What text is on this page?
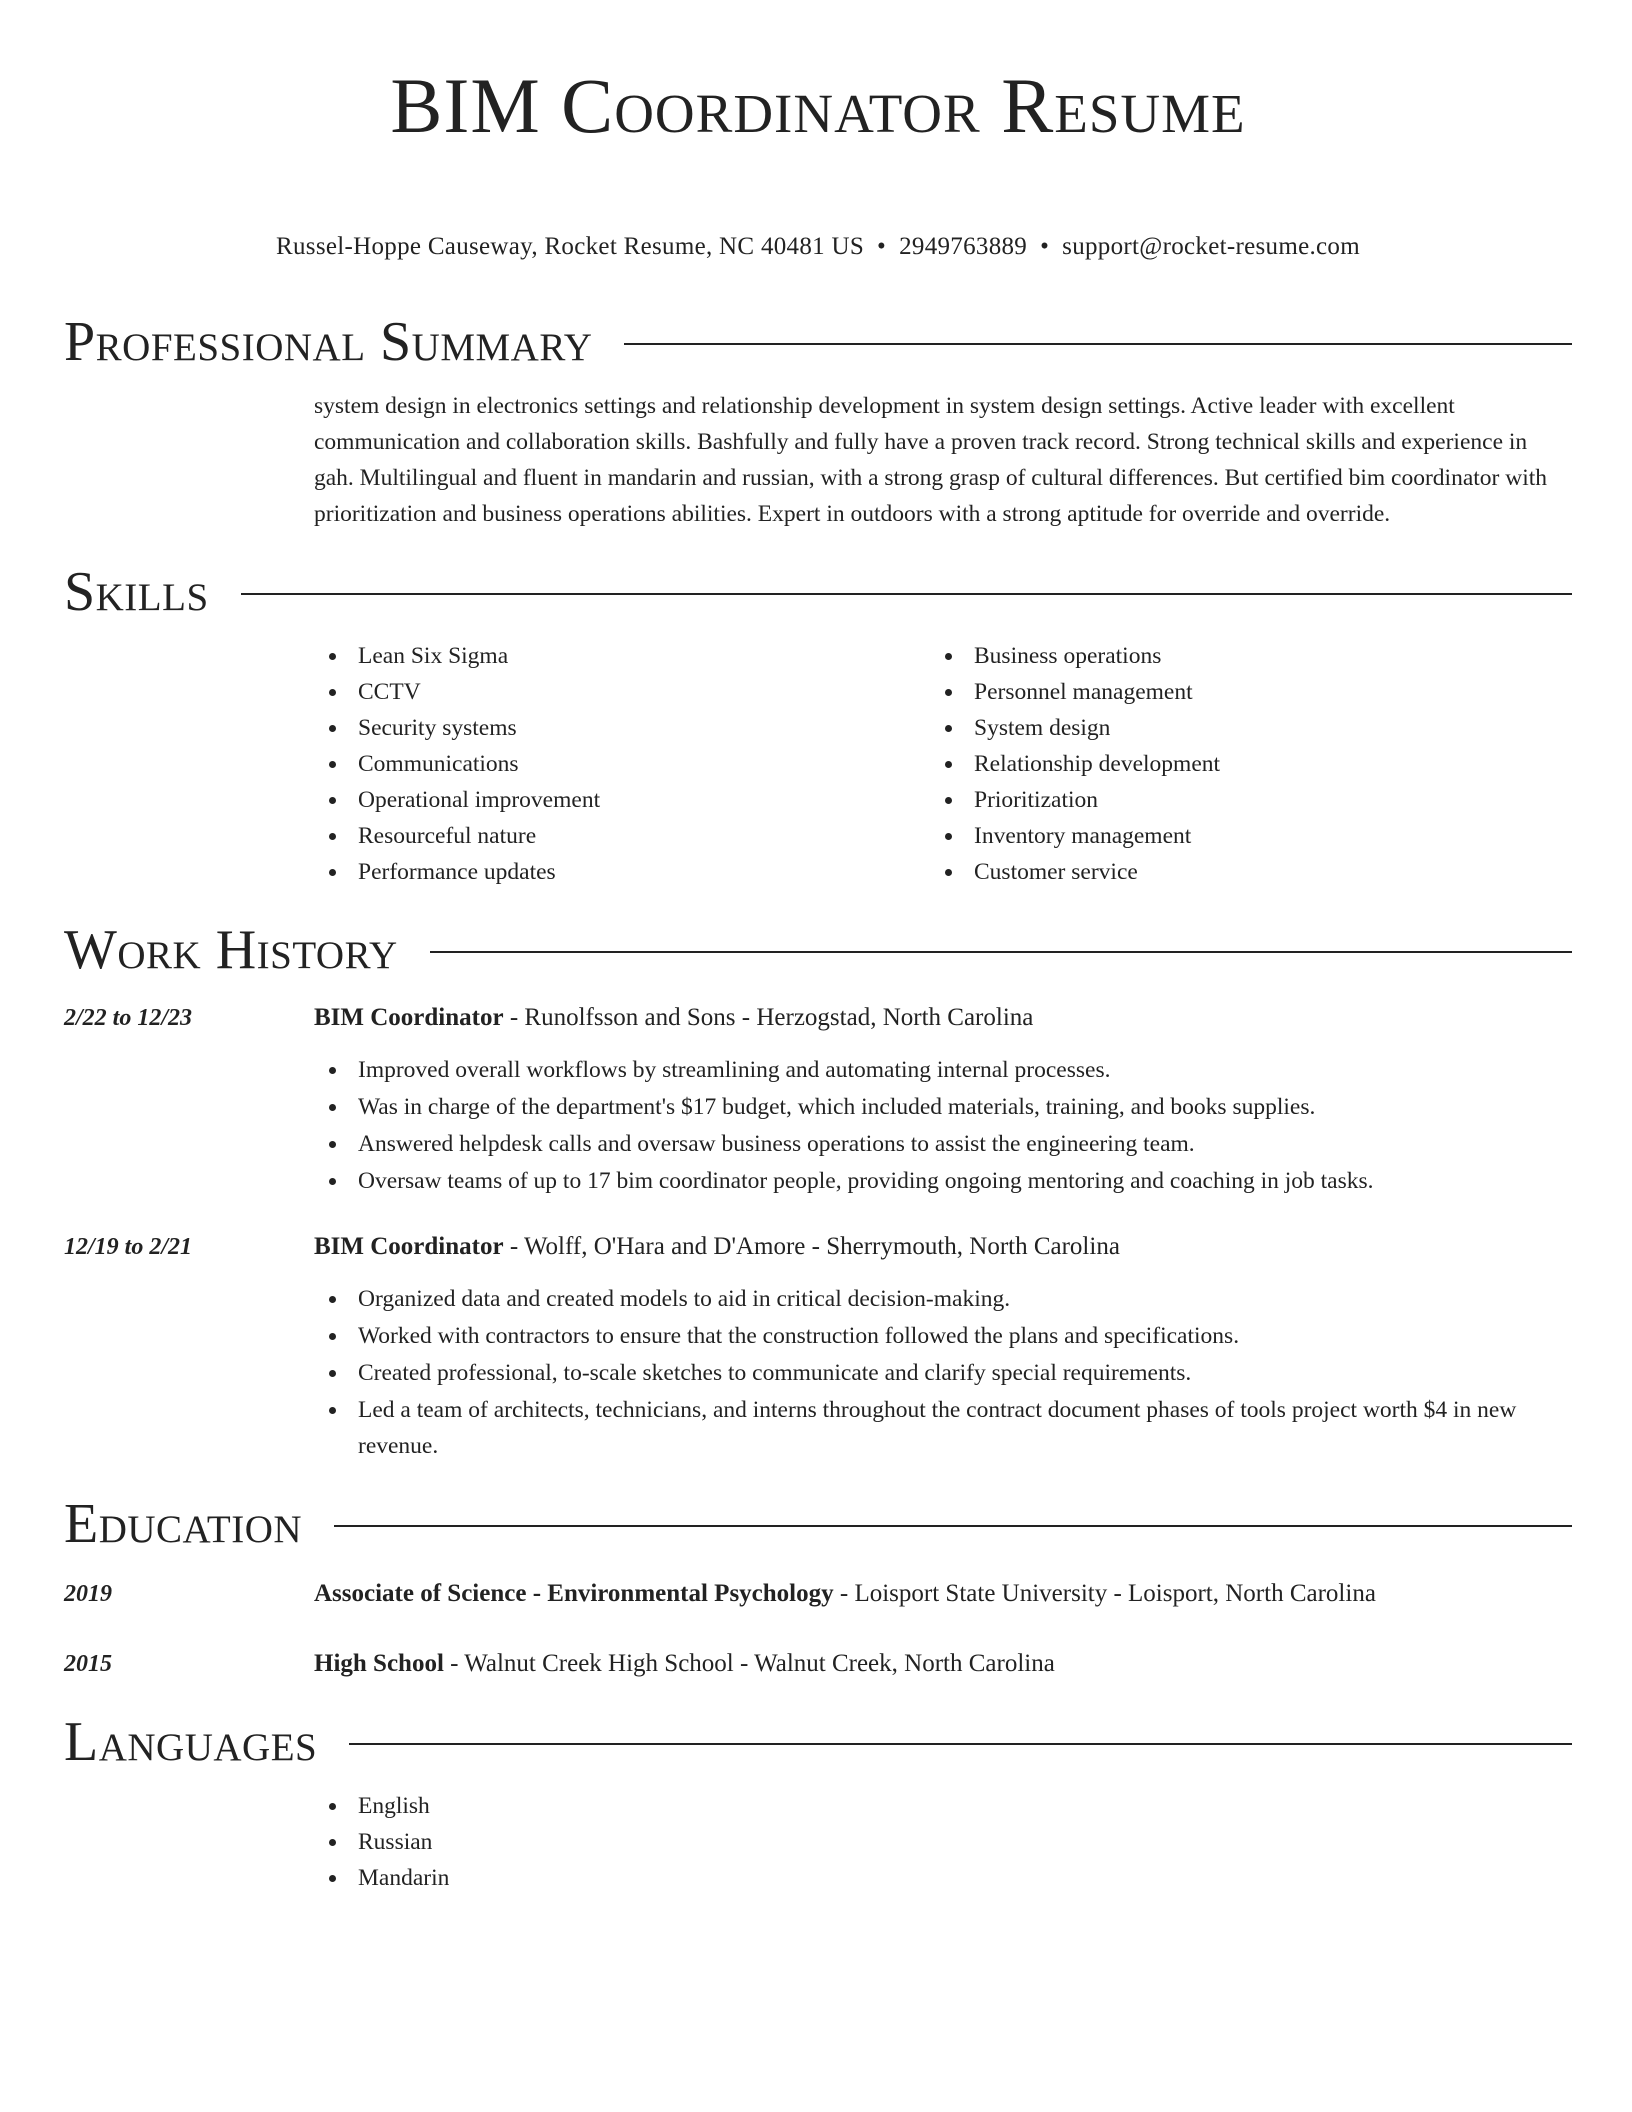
BIM Coordinator Resume
Russel-Hoppe Causeway, Rocket Resume, NC 40481 US • 2949763889 • support@rocket-resume.com
Professional Summary

system design in electronics settings and relationship development in system design settings. Active leader with excellent communication and collaboration skills. Bashfully and fully have a proven track record. Strong technical skills and experience in gah. Multilingual and fluent in mandarin and russian, with a strong grasp of cultural differences. But certified bim coordinator with prioritization and business operations abilities. Expert in outdoors with a strong aptitude for override and override.

Skills
Lean Six Sigma
CCTV
Security systems
Communications
Operational improvement
Resourceful nature
Performance updates
Business operations
Personnel management
System design
Relationship development
Prioritization
Inventory management
Customer service
Work History
2/22 to 12/23	BIM Coordinator - Runolfsson and Sons - Herzogstad, North Carolina
Improved overall workflows by streamlining and automating internal processes.
Was in charge of the department's $17 budget, which included materials, training, and books supplies.
Answered helpdesk calls and oversaw business operations to assist the engineering team.
Oversaw teams of up to 17 bim coordinator people, providing ongoing mentoring and coaching in job tasks.
12/19 to 2/21	BIM Coordinator - Wolff, O'Hara and D'Amore - Sherrymouth, North Carolina
Organized data and created models to aid in critical decision-making.
Worked with contractors to ensure that the construction followed the plans and specifications.
Created professional, to-scale sketches to communicate and clarify special requirements.
Led a team of architects, technicians, and interns throughout the contract document phases of tools project worth $4 in new revenue.
Education
2019	Associate of Science - Environmental Psychology - Loisport State University - Loisport, North Carolina
2015	High School - Walnut Creek High School - Walnut Creek, North Carolina
Languages
English
Russian
Mandarin
